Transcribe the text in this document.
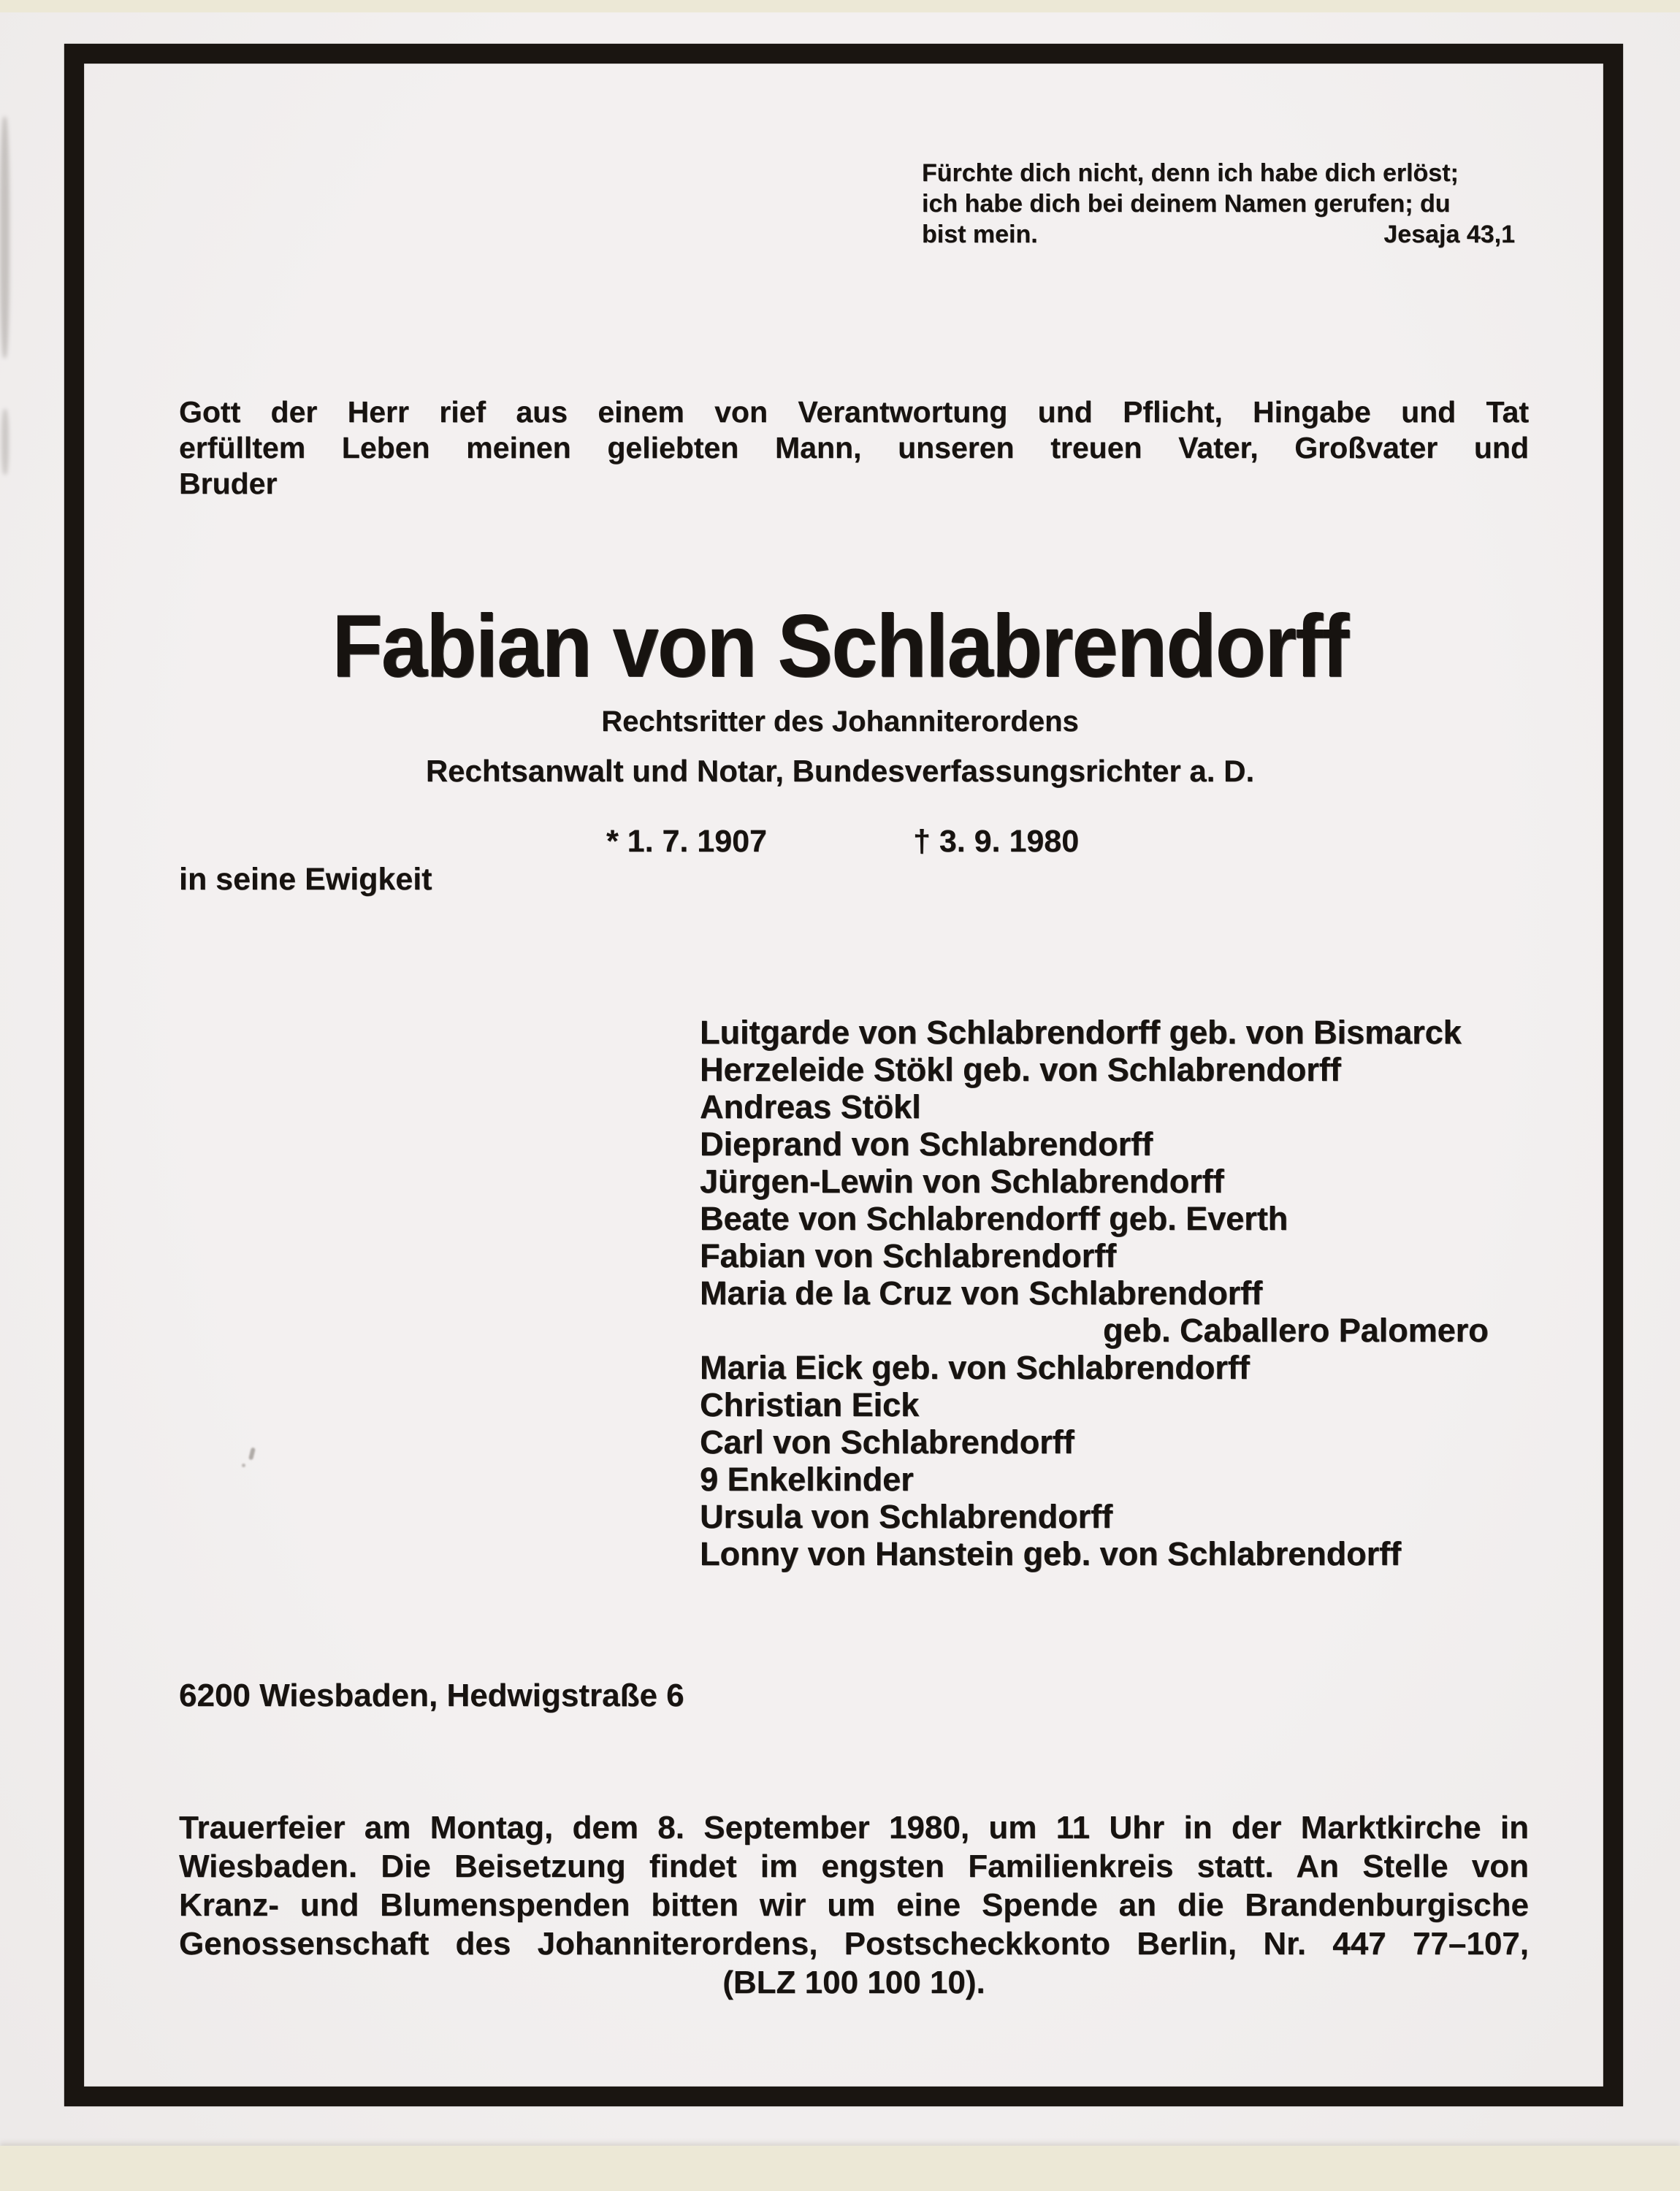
Fürchte dich nicht, denn ich habe dich erlöst;
ich habe dich bei deinem Namen gerufen; du
bist mein.	Jesaja 43,1
Gott der Herr rief aus einem von Verantwortung und Pflicht, Hingabe und Tat
erfülltem Leben meinen geliebten Mann, unseren treuen Vater, Großvater und
Bruder
Fabian von Schlabrendorff
Rechtsritter des Johanniterordens
Rechtsanwalt und Notar, Bundesverfassungsrichter a. D.
* 1. 7. 1907	† 3. 9. 1980
in seine Ewigkeit
Luitgarde von Schlabrendorff geb. von Bismarck
Herzeleide Stökl geb. von Schlabrendorff
Andreas Stökl
Dieprand von Schlabrendorff
Jürgen-Lewin von Schlabrendorff
Beate von Schlabrendorff geb. Everth
Fabian von Schlabrendorff
Maria de la Cruz von Schlabrendorff
geb. Caballero Palomero
Maria Eick geb. von Schlabrendorff
Christian Eick
Carl von Schlabrendorff
9 Enkelkinder
Ursula von Schlabrendorff
Lonny von Hanstein geb. von Schlabrendorff
6200 Wiesbaden, Hedwigstraße 6
Trauerfeier am Montag, dem 8. September 1980, um 11 Uhr in der Marktkirche in
Wiesbaden. Die Beisetzung findet im engsten Familienkreis statt. An Stelle von
Kranz- und Blumenspenden bitten wir um eine Spende an die Brandenburgische
Genossenschaft des Johanniterordens, Postscheckkonto Berlin, Nr. 447 77–107,
(BLZ 100 100 10).
